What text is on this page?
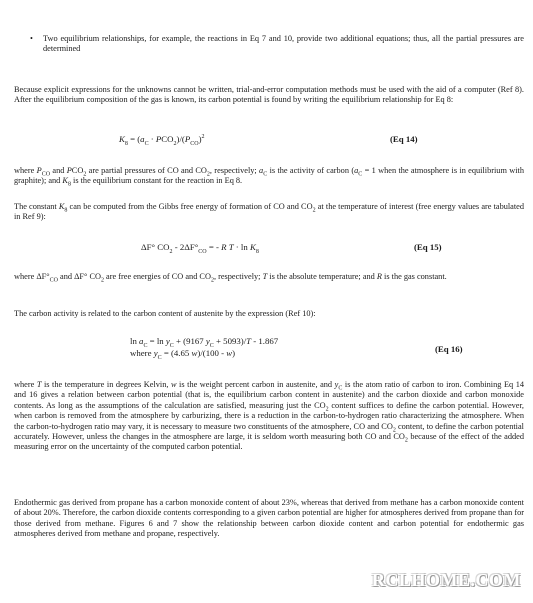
•	Two equilibrium relationships, for example, the reactions in Eq 7 and 10, provide two additional equations; thus, all the partial pressures are determined

Because explicit expressions for the unknowns cannot be written, trial-and-error computation methods must be used with the aid of a computer (Ref 8). After the equilibrium composition of the gas is known, its carbon potential is found by writing the equilibrium relationship for Eq 8:

$K_8 = (a_C \cdot PCO_2)/(P_{CO})^2$	(Eq 14)

where $P_{CO}$ and $PCO_2$ are partial pressures of CO and $CO_2$, respectively; $a_C$ is the activity of carbon ($a_C = 1$ when the atmosphere is in equilibrium with graphite); and $K_8$ is the equilibrium constant for the reaction in Eq 8.

The constant $K_8$ can be computed from the Gibbs free energy of formation of CO and $CO_2$ at the temperature of interest (free energy values are tabulated in Ref 9):

ΔF° $CO_2 - 2\Delta F^\circ_{CO}$ = - R $T \cdot \ln K_8$	(Eq 15)

where $\Delta F^\circ_{CO}$ and ΔF° $CO_2$ are free energies of CO and $CO_2$, respectively; T is the absolute temperature; and R is the gas constant.

The carbon activity is related to the carbon content of austenite by the expression (Ref 10):

$\ln a_C = \ln y_C + (9167$ $y_C + 5093)/T - 1.867$
where $y_C = (4.65$ w)/(100 - w)	(Eq 16)

where T is the temperature in degrees Kelvin, w is the weight percent carbon in austenite, and $y_C$ is the atom ratio of carbon to iron. Combining Eq 14 and 16 gives a relation between carbon potential (that is, the equilibrium carbon content in austenite) and the carbon dioxide and carbon monoxide contents. As long as the assumptions of the calculation are satisfied, measuring just the $CO_2$ content suffices to define the carbon potential. However, when carbon is removed from the atmosphere by carburizing, there is a reduction in the carbon-to-hydrogen ratio characterizing the atmosphere. When the carbon-to-hydrogen ratio may vary, it is necessary to measure two constituents of the atmosphere, CO and $CO_2$ content, to define the carbon potential accurately. However, unless the changes in the atmosphere are large, it is seldom worth measuring both CO and $CO_2$ because of the effect of the added measuring error on the uncertainty of the computed carbon potential.

Endothermic gas derived from propane has a carbon monoxide content of about 23%, whereas that derived from methane has a carbon monoxide content of about 20%. Therefore, the carbon dioxide contents corresponding to a given carbon potential are higher for atmospheres derived from propane than for those derived from methane. Figures 6 and 7 show the relationship between carbon dioxide content and carbon potential for endothermic gas atmospheres derived from methane and propane, respectively.

RCLHOME.COM
